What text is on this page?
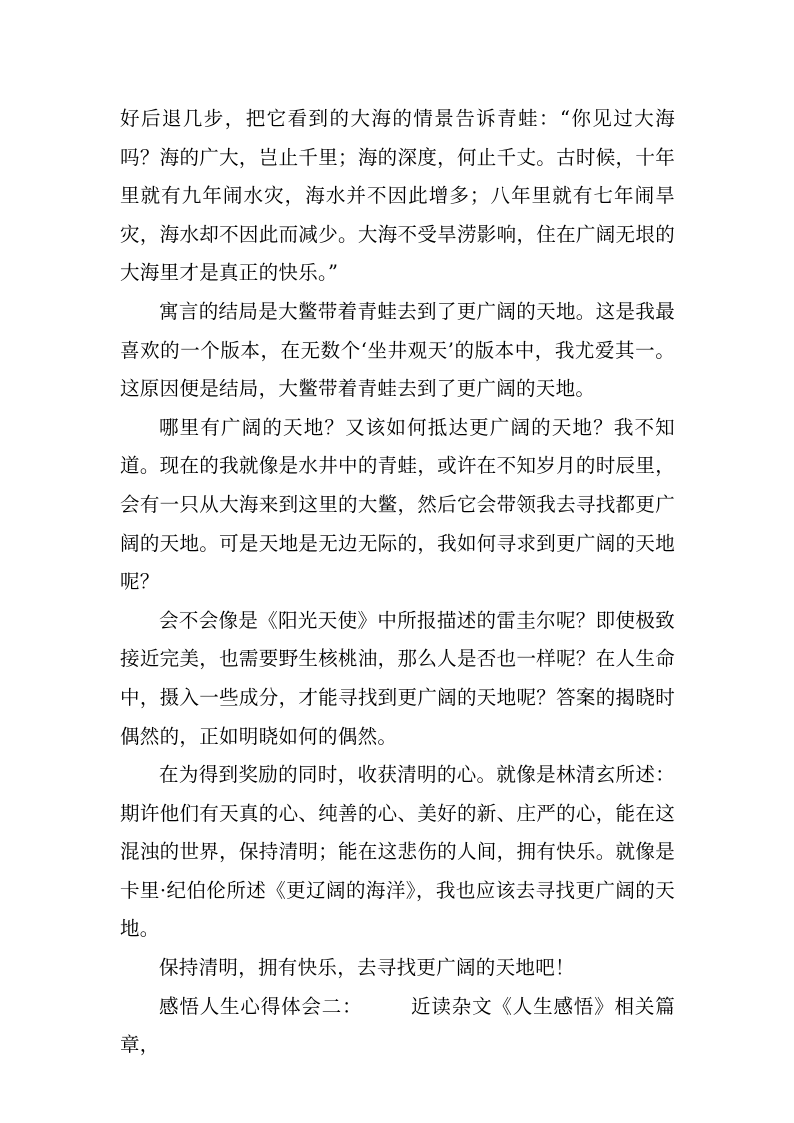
好后退几步，把它看到的大海的情景告诉青蛙：“你见过大海吗？海的广大，岂止千里；海的深度，何止千丈。古时候，十年里就有九年闹水灾，海水并不因此增多；八年里就有七年闹旱灾，海水却不因此而减少。大海不受旱涝影响，住在广阔无垠的大海里才是真正的快乐。”

寓言的结局是大鳖带着青蛙去到了更广阔的天地。这是我最喜欢的一个版本，在无数个‘坐井观天’的版本中，我尤爱其一。这原因便是结局，大鳖带着青蛙去到了更广阔的天地。

哪里有广阔的天地？又该如何抵达更广阔的天地？我不知道。现在的我就像是水井中的青蛙，或许在不知岁月的时辰里，会有一只从大海来到这里的大鳖，然后它会带领我去寻找都更广阔的天地。可是天地是无边无际的，我如何寻求到更广阔的天地呢？

会不会像是《阳光天使》中所报描述的雷圭尔呢？即使极致接近完美，也需要野生核桃油，那么人是否也一样呢？在人生命中，摄入一些成分，才能寻找到更广阔的天地呢？答案的揭晓时偶然的，正如明晓如何的偶然。

在为得到奖励的同时，收获清明的心。就像是林清玄所述：期许他们有天真的心、纯善的心、美好的新、庄严的心，能在这混浊的世界，保持清明；能在这悲伤的人间，拥有快乐。就像是卡里·纪伯伦所述《更辽阔的海洋》，我也应该去寻找更广阔的天地。

保持清明，拥有快乐，去寻找更广阔的天地吧！

感悟人生心得体会二： 近读杂文《人生感悟》相关篇章，
